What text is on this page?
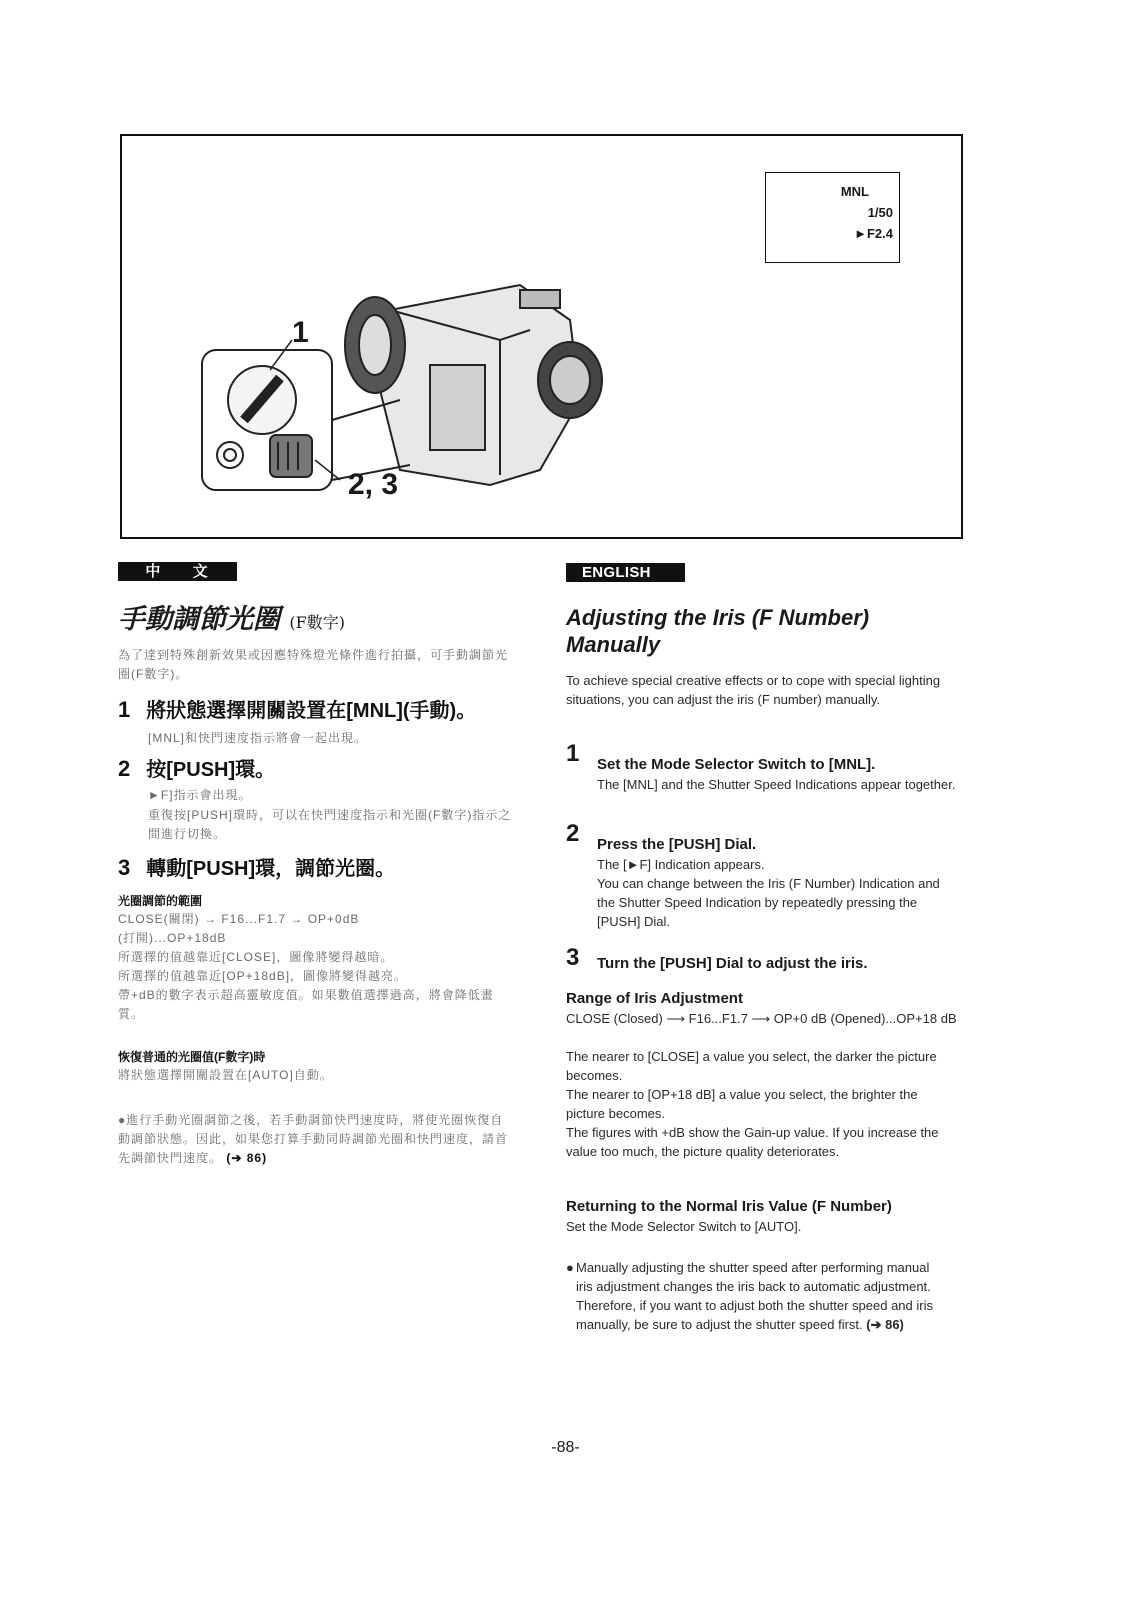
MNL
1/50
►F2.4
1
2, 3
中 文
手動調節光圈 (F數字)
為了達到特殊創新效果或因應特殊燈光條件進行拍攝，可手動調節光圈(F數字)。
1 將狀態選擇開關設置在[MNL](手動)。
[MNL]和快門速度指示將會一起出現。
2 按[PUSH]環。
►F]指示會出現。
重復按[PUSH]環時，可以在快門速度指示和光圈(F數字)指示之間進行切換。
3 轉動[PUSH]環，調節光圈。
光圈調節的範圍
CLOSE(關閉) → F16...F1.7 → OP+0dB
(打開)...OP+18dB
所選擇的值越靠近[CLOSE]，圖像將變得越暗。
所選擇的值越靠近[OP+18dB]，圖像將變得越亮。
帶+dB的數字表示超高靈敏度值。如果數值選擇過高，將會降低畫質。
恢復普通的光圈值(F數字)時
將狀態選擇開關設置在[AUTO]自動。
●進行手動光圈調節之後，若手動調節快門速度時，將使光圈恢復自動調節狀態。因此，如果您打算手動同時調節光圈和快門速度，請首先調節快門速度。 (➔ 86)
ENGLISH
Adjusting the Iris (F Number)
Manually
To achieve special creative effects or to cope with special lighting situations, you can adjust the iris (F number) manually.
1 Set the Mode Selector Switch to [MNL].
The [MNL] and the Shutter Speed Indications appear together.
2 Press the [PUSH] Dial.
The [►F] Indication appears.
You can change between the Iris (F Number) Indication and the Shutter Speed Indication by repeatedly pressing the [PUSH] Dial.
3 Turn the [PUSH] Dial to adjust the iris.
Range of Iris Adjustment
CLOSE (Closed) ⟶ F16...F1.7 ⟶ OP+0 dB (Opened)...OP+18 dB
The nearer to [CLOSE] a value you select, the darker the picture becomes.
The nearer to [OP+18 dB] a value you select, the brighter the picture becomes.
The figures with +dB show the Gain-up value. If you increase the value too much, the picture quality deteriorates.
Returning to the Normal Iris Value (F Number)
Set the Mode Selector Switch to [AUTO].
● Manually adjusting the shutter speed after performing manual iris adjustment changes the iris back to automatic adjustment. Therefore, if you want to adjust both the shutter speed and iris manually, be sure to adjust the shutter speed first. (➔ 86)
-88-
